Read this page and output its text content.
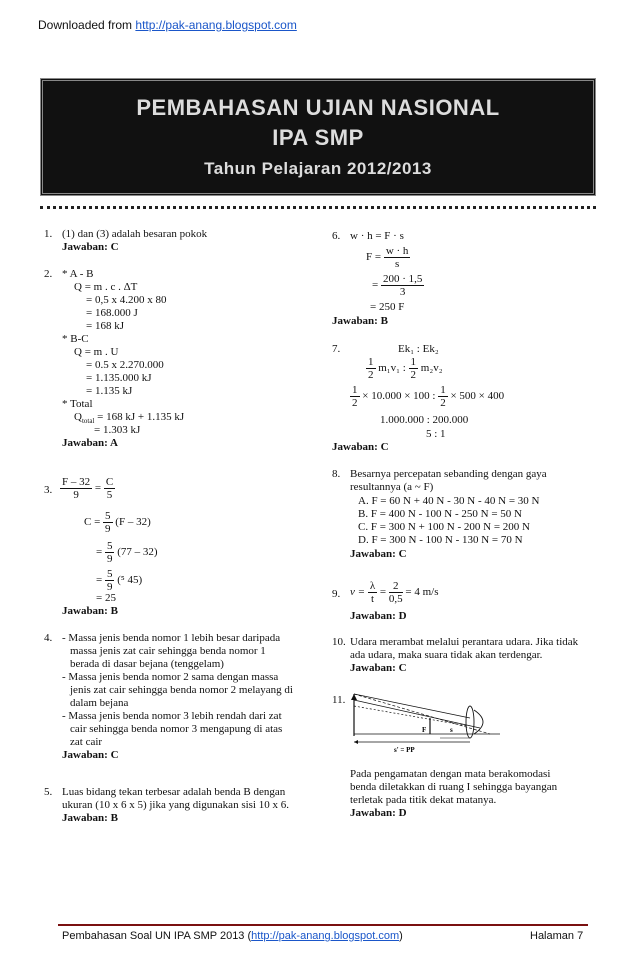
Downloaded from http://pak-anang.blogspot.com
PEMBAHASAN UJIAN NASIONAL
IPA SMP
Tahun Pelajaran 2012/2013
1. (1) dan (3) adalah besaran pokok
Jawaban: C
2. * A - B
Q = m . c . ΔT
= 0,5 x 4.200 x 80
= 168.000 J
= 168 kJ
* B-C
Q = m . U
= 0.5 x 2.270.000
= 1.135.000 kJ
= 1.135 kJ
* Total
$Q_{total} = 168$ kJ + 1.135 kJ
= 1.303 kJ
Jawaban: A
3. $\frac{F - 32}{9} = \frac{C}{5}$
$C = \frac{5}{9} (F - 32)$
= $\frac{5}{9} (77 - 32)$
= $\frac{5}{9} (^5$ 45)
= 25
Jawaban: B
4. - Massa jenis benda nomor 1 lebih besar daripada
massa jenis zat cair sehingga benda nomor 1
berada di dasar bejana (tenggelam)
- Massa jenis benda nomor 2 sama dengan massa
jenis zat cair sehingga benda nomor 2 melayang di
dalam bejana
- Massa jenis benda nomor 3 lebih rendah dari zat
cair sehingga benda nomor 3 mengapung di atas
zat cair
Jawaban: C
5. Luas bidang tekan terbesar adalah benda B dengan
ukuran (10 x 6 x 5) jika yang digunakan sisi 10 x 6.
Jawaban: B
6. w · h = F · s
$F = \frac{w \cdot h}{s}$
= $\frac{200 \cdot 1,5}{3}$
= 250 F
Jawaban: B
7.	Ek₁ : Ek₂
$\frac{1}{2} m_1v_1$ : $\frac{1}{2} m_2v_2$
$\frac{1}{2} \times 10.000 \times 100$ : $\frac{1}{2} \times 500 \times 400$
1.000.000 : 200.000
5 : 1
Jawaban: C
8. Besarnya percepatan sebanding dengan gaya
resultannya (a ~ F)
A. F = 60 N + 40 N - 30 N - 40 N = 30 N
B. F = 400 N - 100 N - 250 N = 50 N
C. F = 300 N + 100 N - 200 N = 200 N
D. F = 300 N - 100 N - 130 N = 70 N
Jawaban: C
9. $v = \frac{\lambda}{t} = \frac{2}{0,5} = 4$ m/s
Jawaban: D
10. Udara merambat melalui perantara udara. Jika tidak
ada udara, maka suara tidak akan terdengar.
Jawaban: C
11.
F	s
s' = PP
Pada pengamatan dengan mata berakomodasi
benda diletakkan di ruang I sehingga bayangan
terletak pada titik dekat matanya.
Jawaban: D
Pembahasan Soal UN IPA SMP 2013 (http://pak-anang.blogspot.com)	Halaman 7
